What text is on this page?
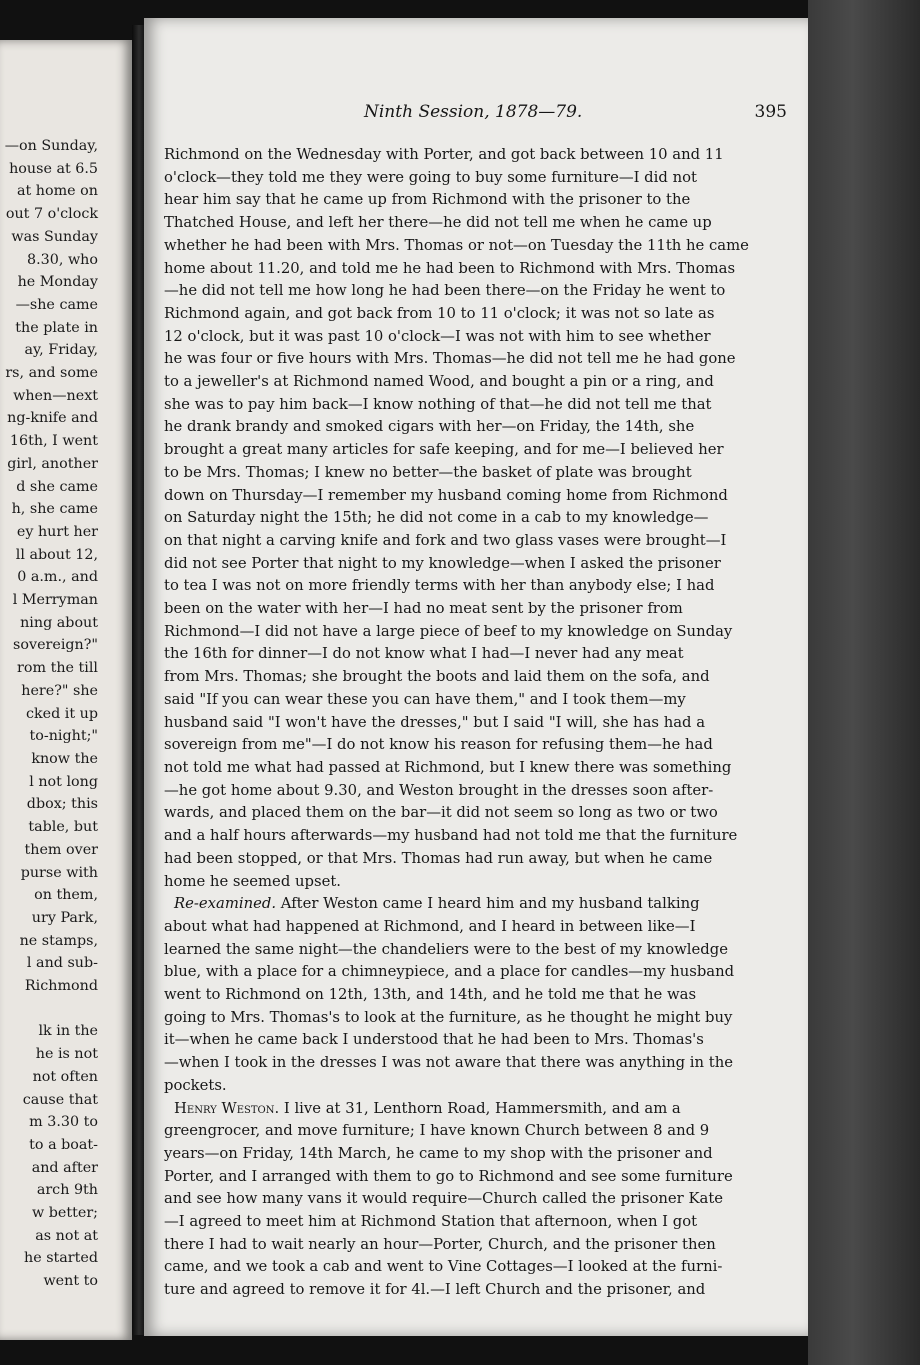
—on Sunday,
house at 6.5
at home on
out 7 o'clock
was Sunday
8.30, who
he Monday
—she came
the plate in
ay, Friday,
rs, and some
when—next
ng-knife and
16th, I went
girl, another
d she came
h, she came
ey hurt her
ll about 12,
0 a.m., and
l Merryman
ning about
sovereign?"
rom the till
here?" she
cked it up
to-night;"
know the
l not long
dbox; this
table, but
them over
purse with
on them,
ury Park,
ne stamps,
l and sub-
Richmond

lk in the
he is not
not often
cause that
m 3.30 to
to a boat-
and after
arch 9th
w better;
as not at
he started
went to
Ninth Session, 1878—79.	395
Richmond on the Wednesday with Porter, and got back between 10 and 11
o'clock—they told me they were going to buy some furniture—I did not
hear him say that he came up from Richmond with the prisoner to the
Thatched House, and left her there—he did not tell me when he came up
whether he had been with Mrs. Thomas or not—on Tuesday the 11th he came
home about 11.20, and told me he had been to Richmond with Mrs. Thomas
—he did not tell me how long he had been there—on the Friday he went to
Richmond again, and got back from 10 to 11 o'clock; it was not so late as
12 o'clock, but it was past 10 o'clock—I was not with him to see whether
he was four or five hours with Mrs. Thomas—he did not tell me he had gone
to a jeweller's at Richmond named Wood, and bought a pin or a ring, and
she was to pay him back—I know nothing of that—he did not tell me that
he drank brandy and smoked cigars with her—on Friday, the 14th, she
brought a great many articles for safe keeping, and for me—I believed her
to be Mrs. Thomas; I knew no better—the basket of plate was brought
down on Thursday—I remember my husband coming home from Richmond
on Saturday night the 15th; he did not come in a cab to my knowledge—
on that night a carving knife and fork and two glass vases were brought—I
did not see Porter that night to my knowledge—when I asked the prisoner
to tea I was not on more friendly terms with her than anybody else; I had
been on the water with her—I had no meat sent by the prisoner from
Richmond—I did not have a large piece of beef to my knowledge on Sunday
the 16th for dinner—I do not know what I had—I never had any meat
from Mrs. Thomas; she brought the boots and laid them on the sofa, and
said "If you can wear these you can have them," and I took them—my
husband said "I won't have the dresses," but I said "I will, she has had a
sovereign from me"—I do not know his reason for refusing them—he had
not told me what had passed at Richmond, but I knew there was something
—he got home about 9.30, and Weston brought in the dresses soon after-
wards, and placed them on the bar—it did not seem so long as two or two
and a half hours afterwards—my husband had not told me that the furniture
had been stopped, or that Mrs. Thomas had run away, but when he came
home he seemed upset.
Re-examined. After Weston came I heard him and my husband talking
about what had happened at Richmond, and I heard in between like—I
learned the same night—the chandeliers were to the best of my knowledge
blue, with a place for a chimneypiece, and a place for candles—my husband
went to Richmond on 12th, 13th, and 14th, and he told me that he was
going to Mrs. Thomas's to look at the furniture, as he thought he might buy
it—when he came back I understood that he had been to Mrs. Thomas's
—when I took in the dresses I was not aware that there was anything in the
pockets.
Henry Weston. I live at 31, Lenthorn Road, Hammersmith, and am a
greengrocer, and move furniture; I have known Church between 8 and 9
years—on Friday, 14th March, he came to my shop with the prisoner and
Porter, and I arranged with them to go to Richmond and see some furniture
and see how many vans it would require—Church called the prisoner Kate
—I agreed to meet him at Richmond Station that afternoon, when I got
there I had to wait nearly an hour—Porter, Church, and the prisoner then
came, and we took a cab and went to Vine Cottages—I looked at the furni-
ture and agreed to remove it for 4l.—I left Church and the prisoner, and
